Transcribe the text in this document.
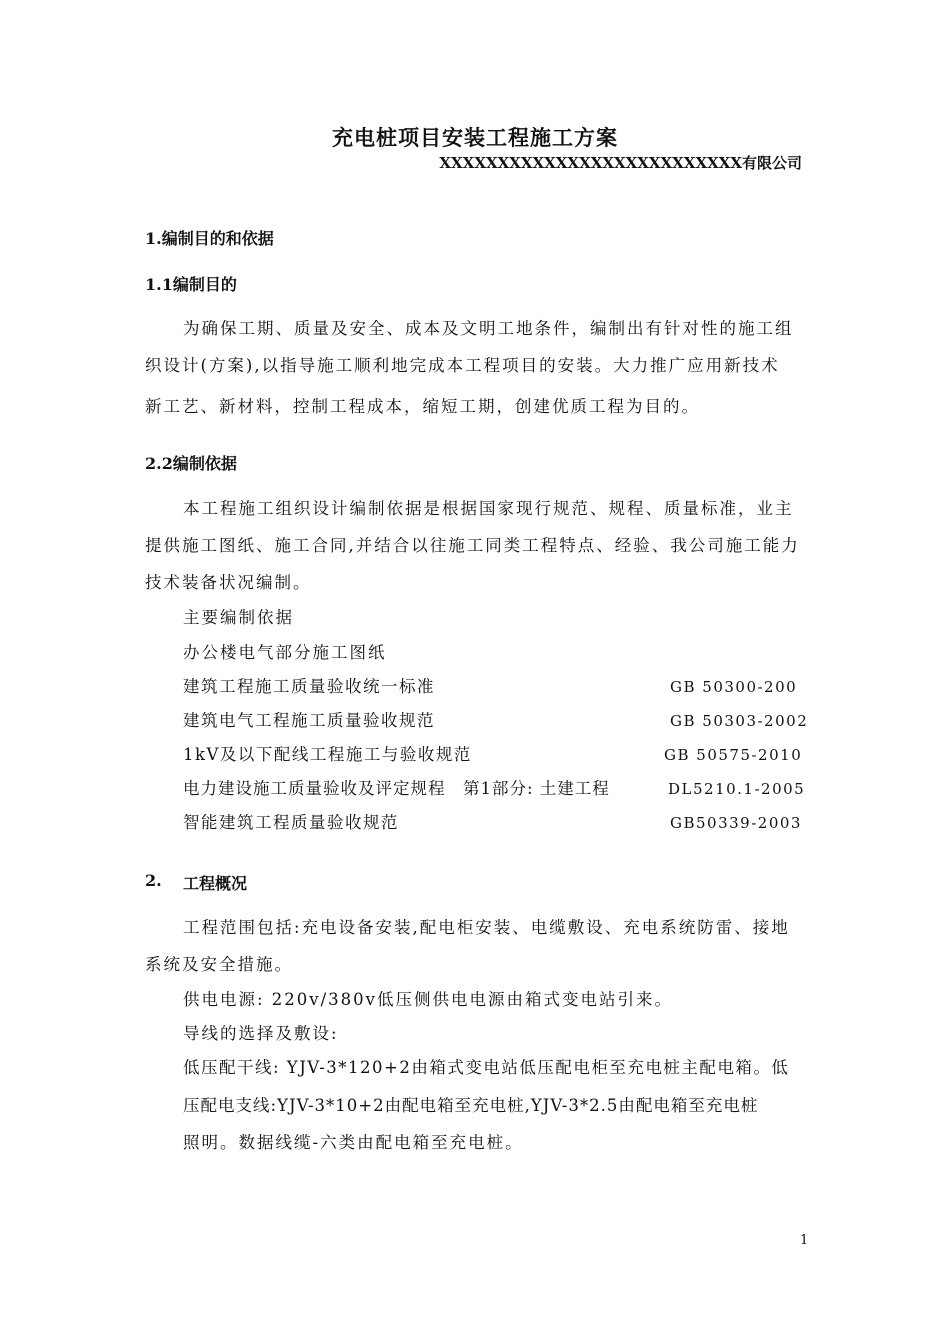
充电桩项目安装工程施工方案
XXXXXXXXXXXXXXXXXXXXXXXXXX有限公司
1.编制目的和依据
1.1编制目的
为确保工期、质量及安全、成本及文明工地条件，编制出有针对性的施工组
织设计(方案),以指导施工顺利地完成本工程项目的安装。大力推广应用新技术
新工艺、新材料，控制工程成本，缩短工期，创建优质工程为目的。
2.2编制依据
本工程施工组织设计编制依据是根据国家现行规范、规程、质量标准，业主
提供施工图纸、施工合同,并结合以往施工同类工程特点、经验、我公司施工能力
技术装备状况编制。
主要编制依据
办公楼电气部分施工图纸
建筑工程施工质量验收统一标准	GB 50300-200
建筑电气工程施工质量验收规范	GB 50303-2002
1kV及以下配线工程施工与验收规范	GB 50575-2010
电力建设施工质量验收及评定规程　第1部分: 土建工程	DL5210.1-2005
智能建筑工程质量验收规范	GB50339-2003
2. 工程概况
工程范围包括:充电设备安装,配电柜安装、电缆敷设、充电系统防雷、接地
系统及安全措施。
供电电源: 220v/380v低压侧供电电源由箱式变电站引来。
导线的选择及敷设:
低压配干线: YJV-3*120+2由箱式变电站低压配电柜至充电桩主配电箱。低
压配电支线:YJV-3*10+2由配电箱至充电桩,YJV-3*2.5由配电箱至充电桩
照明。数据线缆-六类由配电箱至充电桩。
1
